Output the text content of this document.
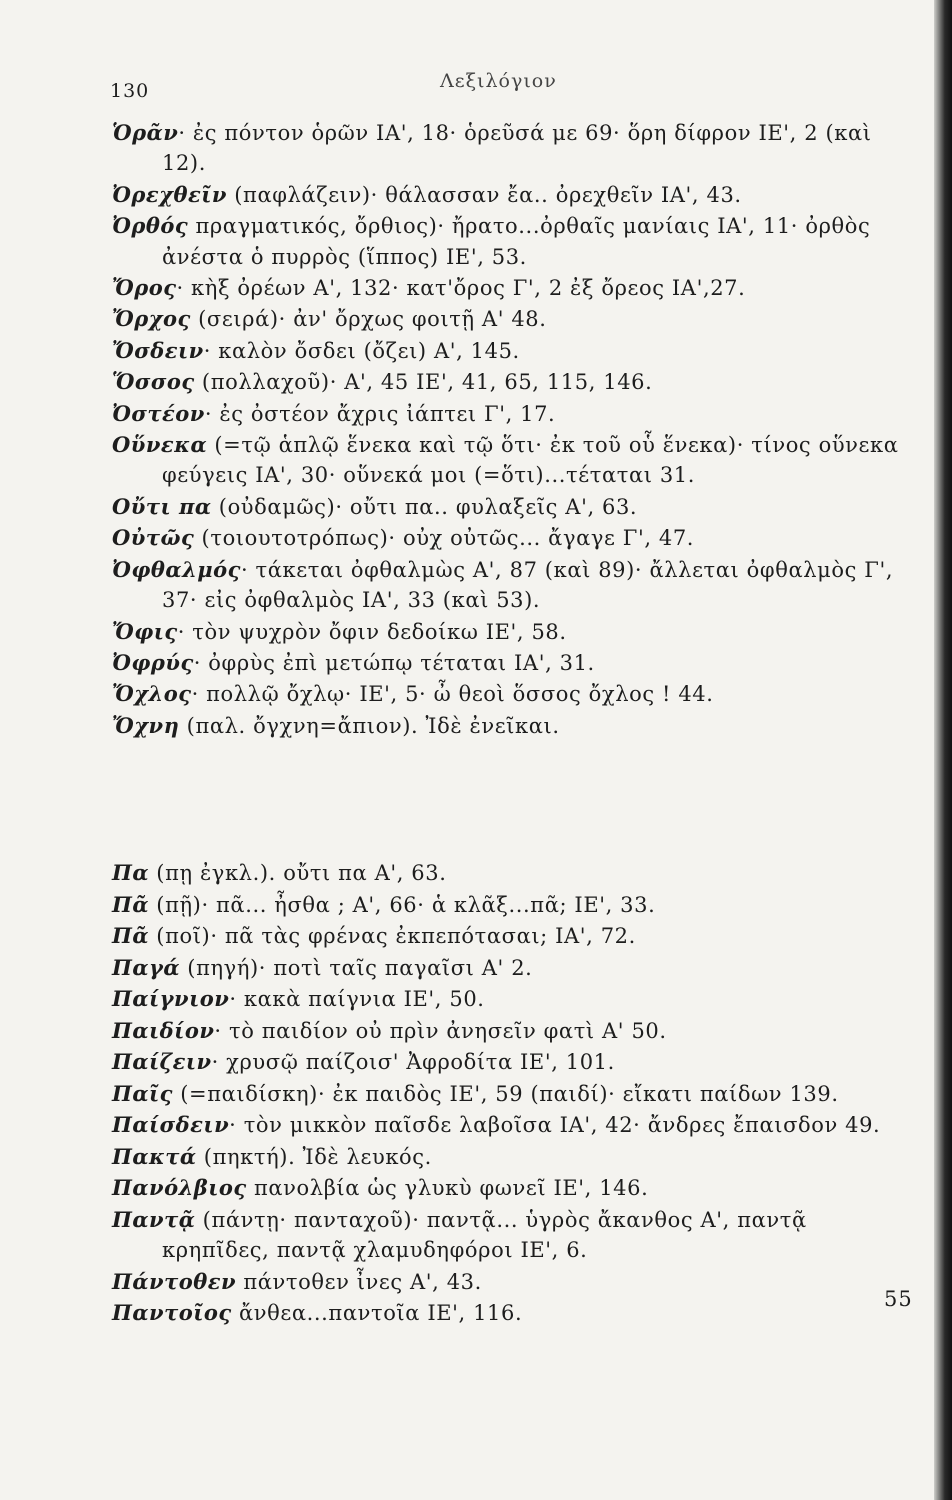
130	Λεξιλόγιον

Ὁρᾶν· ἐς πόντον ὁρῶν ΙΑ', 18· ὁρεῦσά με 69· ὅρη δίφρον ΙΕ', 2 (καὶ 12).

Ὀρεχθεῖν (παφλάζειν)· θάλασσαν ἔα.. ὀρεχθεῖν ΙΑ', 43.

Ὀρθός πραγματικός, ὄρθιος)· ἤρατο...ὀρθαῖς μανίαις ΙΑ', 11· ὀρθὸς ἀνέστα ὁ πυρρὸς (ἵππος) ΙΕ', 53.

Ὄρος· κὴξ ὀρέων Α', 132· κατ'ὄρος Γ', 2 ἐξ ὄρεος ΙΑ',27.

Ὄρχος (σειρά)· ἀν' ὄρχως φοιτῇ Α' 48.

Ὄσδειν· καλὸν ὄσδει (ὄζει) Α', 145.

Ὅσσος (πολλαχοῦ)· Α', 45 ΙΕ', 41, 65, 115, 146.

Ὀστέον· ἐς ὀστέον ἄχρις ἰάπτει Γ', 17.

Οὕνεκα (=τῷ ἁπλῷ ἕνεκα καὶ τῷ ὅτι· ἐκ τοῦ οὗ ἕνεκα)· τίνος οὕνεκα φεύγεις ΙΑ', 30· οὕνεκά μοι (=ὅτι)...τέταται 31.

Οὔτι πα (οὐδαμῶς)· οὔτι πα.. φυλαξεῖς Α', 63.

Οὐτῶς (τοιουτοτρόπως)· οὐχ οὐτῶς... ἄγαγε Γ', 47.

Ὀφθαλμός· τάκεται ὀφθαλμὼς Α', 87 (καὶ 89)· ἄλλεται ὀφθαλμὸς Γ', 37· εἰς ὀφθαλμὸς ΙΑ', 33 (καὶ 53).

Ὄφις· τὸν ψυχρὸν ὄφιν δεδοίκω ΙΕ', 58.

Ὀφρύς· ὀφρὺς ἐπὶ μετώπῳ τέταται ΙΑ', 31.

Ὄχλος· πολλῷ ὄχλῳ· ΙΕ', 5· ὦ θεοὶ ὅσσος ὄχλος ! 44.

Ὄχνη (παλ. ὄγχνη=ἄπιον). Ἰδὲ ἐνεῖκαι.

Πα (πῃ ἐγκλ.). οὔτι πα Α', 63.

Πᾶ (πῇ)· πᾶ... ἦσθα ; Α', 66· ἁ κλᾶξ...πᾶ; ΙΕ', 33.

Πᾶ (ποῖ)· πᾶ τὰς φρένας ἐκπεπότασαι; ΙΑ', 72.

Παγά (πηγή)· ποτὶ ταῖς παγαῖσι Α' 2.

Παίγνιον· κακὰ παίγνια ΙΕ', 50.

Παιδίον· τὸ παιδίον οὐ πρὶν ἀνησεῖν φατὶ Α' 50.

Παίζειν· χρυσῷ παίζοισ' Ἀφροδίτα ΙΕ', 101.

Παῖς (=παιδίσκη)· ἐκ παιδὸς ΙΕ', 59 (παιδί)· εἴκατι παίδων 139.

Παίσδειν· τὸν μικκὸν παῖσδε λαβοῖσα ΙΑ', 42· ἄνδρες ἔπαισδον 49.

Πακτά (πηκτή). Ἰδὲ λευκός.

Πανόλβιος πανολβία ὡς γλυκὺ φωνεῖ ΙΕ', 146.

Παντᾷ (πάντῃ· πανταχοῦ)· παντᾷ... ὑγρὸς ἄκανθος Α', παντᾷ κρηπῖδες, παντᾷ χλαμυδηφόροι ΙΕ', 6.

Πάντοθεν πάντοθεν ἶνες Α', 43.

Παντοῖος ἄνθεα...παντοῖα ΙΕ', 116.

55
